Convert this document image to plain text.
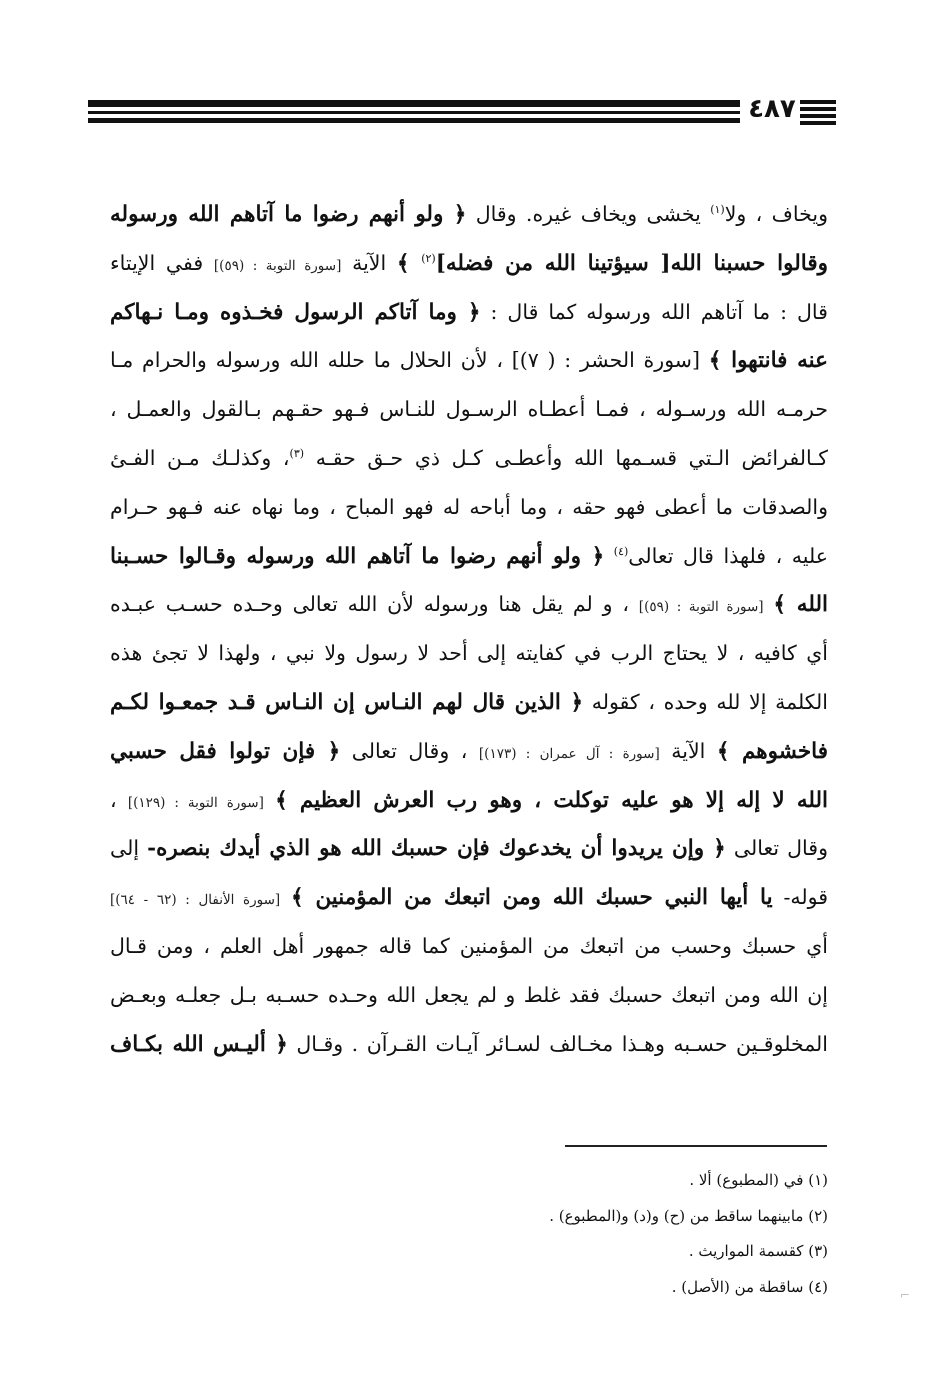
٤٨٧
ويخاف ، ولا$^{(١)}$ يخشى ويخاف غيره. وقال ﴿ ولو أنهم رضوا ما آتاهم الله ورسوله
وقالوا حسبنا الله[ سيؤتينا الله من فضله]$^{(٢)}$ ﴾ الآية [سورة التوبة : (٥٩)] ففي الإيتاء
قال : ما آتاهم الله ورسوله كما قال : ﴿ وما آتاكم الرسول فخـذوه ومـا نـهاكم
عنه فانتهوا ﴾ [سورة الحشر : ( ٧)] ، لأن الحلال ما حلله الله ورسوله والحرام مـا
حرمـه الله ورسـوله ، فمـا أعطـاه الرسـول للنـاس فـهو حقـهم بـالقول والعمـل ،
كـالفرائض الـتي قسـمها الله وأعطـى كـل ذي حـق حقـه $^{(٣)}$، وكذلـك مـن الفـئ
والصدقات ما أعطى فهو حقه ، وما أباحه له فهو المباح ، وما نهاه عنه فـهو حـرام
عليه ، فلهذا قال تعالى$^{(٤)}$ ﴿ ولو أنهم رضوا ما آتاهم الله ورسوله وقـالوا حسـبنا
الله ﴾ [سورة التوبة : (٥٩)] ، و لم يقل هنا ورسوله لأن الله تعالى وحـده حسـب عبـده
أي كافيه ، لا يحتاج الرب في كفايته إلى أحد لا رسول ولا نبي ، ولهذا لا تجئ هذه
الكلمة إلا لله وحده ، كقوله ﴿ الذين قال لهم النـاس إن النـاس قـد جمعـوا لكـم
فاخشوهم ﴾ الآية [سورة : آل عمران : (١٧٣)] ، وقال تعالى ﴿ فإن تولوا فقل حسبي
الله لا إله إلا هو عليه توكلت ، وهو رب العرش العظيم ﴾ [سورة التوبة : (١٢٩)] ،
وقال تعالى ﴿ وإن يريدوا أن يخدعوك فإن حسبك الله هو الذي أيدك بنصره- إلى
قوله- يا أيها النبي حسبك الله ومن اتبعك من المؤمنين ﴾ [سورة الأنفال : (٦٢ - ٦٤)]
أي حسبك وحسب من اتبعك من المؤمنين كما قاله جمهور أهل العلم ، ومن قـال
إن الله ومن اتبعك حسبك فقد غلط و لم يجعل الله وحـده حسـبه بـل جعلـه وبعـض
المخلوقـين حسـبه وهـذا مخـالف لسـائر آيـات القـرآن . وقـال ﴿ أليـس الله بكـاف
(١) في (المطبوع) ألا .
(٢) مابينهما ساقط من (ح) و(د) و(المطبوع) .
(٣) كقسمة المواريث .
(٤) ساقطة من (الأصل) .	⌐
